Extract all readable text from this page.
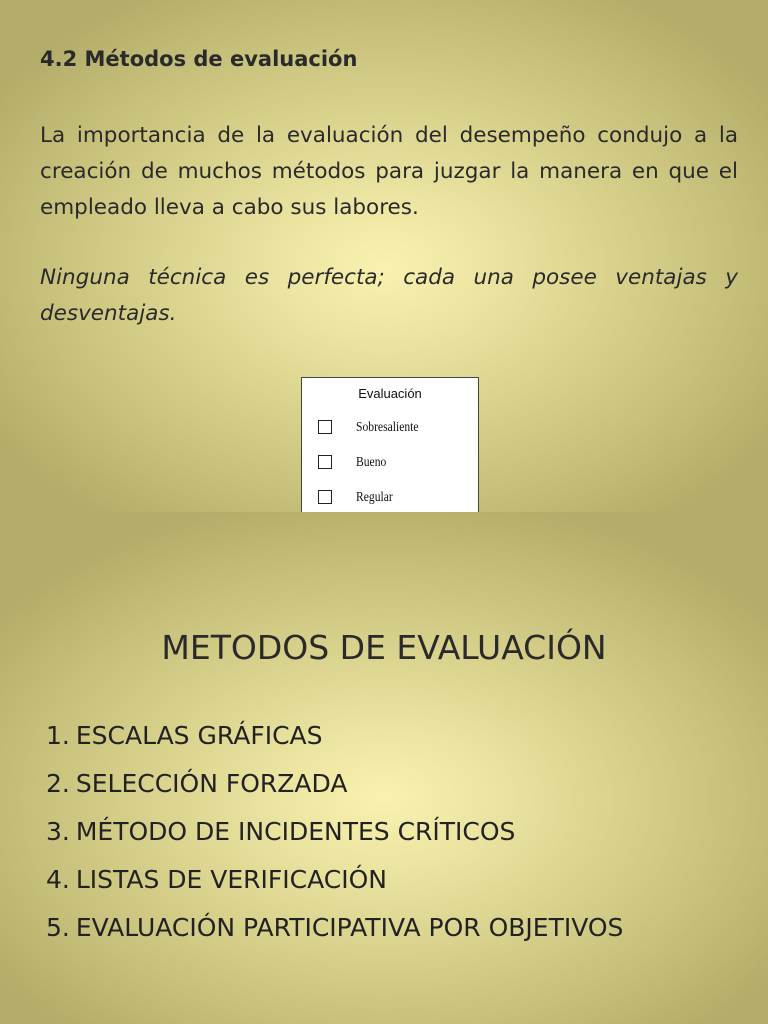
4.2 Métodos de evaluación

La importancia de la evaluación del desempeño condujo a la creación de muchos métodos para juzgar la manera en que el empleado lleva a cabo sus labores.

Ninguna técnica es perfecta; cada una posee ventajas y desventajas.

Evaluación
Sobresaliente
Bueno
Regular
METODOS DE EVALUACIÓN
1. ESCALAS GRÁFICAS
2. SELECCIÓN FORZADA
3. MÉTODO DE INCIDENTES CRÍTICOS
4. LISTAS DE VERIFICACIÓN
5. EVALUACIÓN PARTICIPATIVA POR OBJETIVOS
